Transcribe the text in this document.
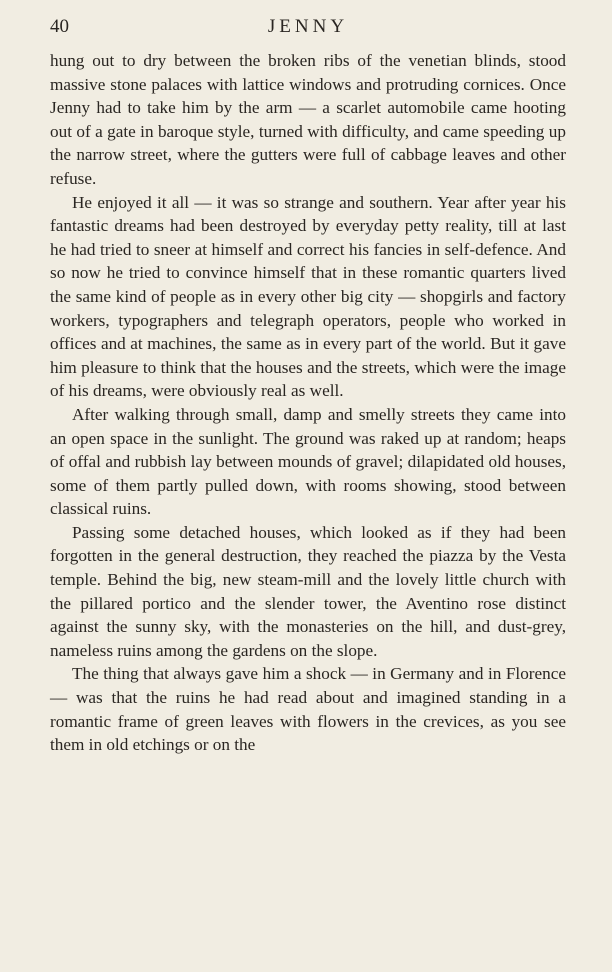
40	JENNY

hung out to dry between the broken ribs of the venetian blinds, stood massive stone palaces with lattice windows and protruding cornices. Once Jenny had to take him by the arm — a scarlet automobile came hooting out of a gate in baroque style, turned with difficulty, and came speeding up the narrow street, where the gutters were full of cabbage leaves and other refuse.

He enjoyed it all — it was so strange and southern. Year after year his fantastic dreams had been destroyed by everyday petty reality, till at last he had tried to sneer at himself and correct his fancies in self-defence. And so now he tried to convince himself that in these romantic quarters lived the same kind of people as in every other big city — shopgirls and factory workers, typographers and telegraph operators, people who worked in offices and at machines, the same as in every part of the world. But it gave him pleasure to think that the houses and the streets, which were the image of his dreams, were obviously real as well.

After walking through small, damp and smelly streets they came into an open space in the sunlight. The ground was raked up at random; heaps of offal and rubbish lay between mounds of gravel; dilapidated old houses, some of them partly pulled down, with rooms showing, stood between classical ruins.

Passing some detached houses, which looked as if they had been forgotten in the general destruction, they reached the piazza by the Vesta temple. Behind the big, new steam-mill and the lovely little church with the pillared portico and the slender tower, the Aventino rose distinct against the sunny sky, with the monasteries on the hill, and dust-grey, nameless ruins among the gardens on the slope.

The thing that always gave him a shock — in Germany and in Florence — was that the ruins he had read about and imagined standing in a romantic frame of green leaves with flowers in the crevices, as you see them in old etchings or on the
